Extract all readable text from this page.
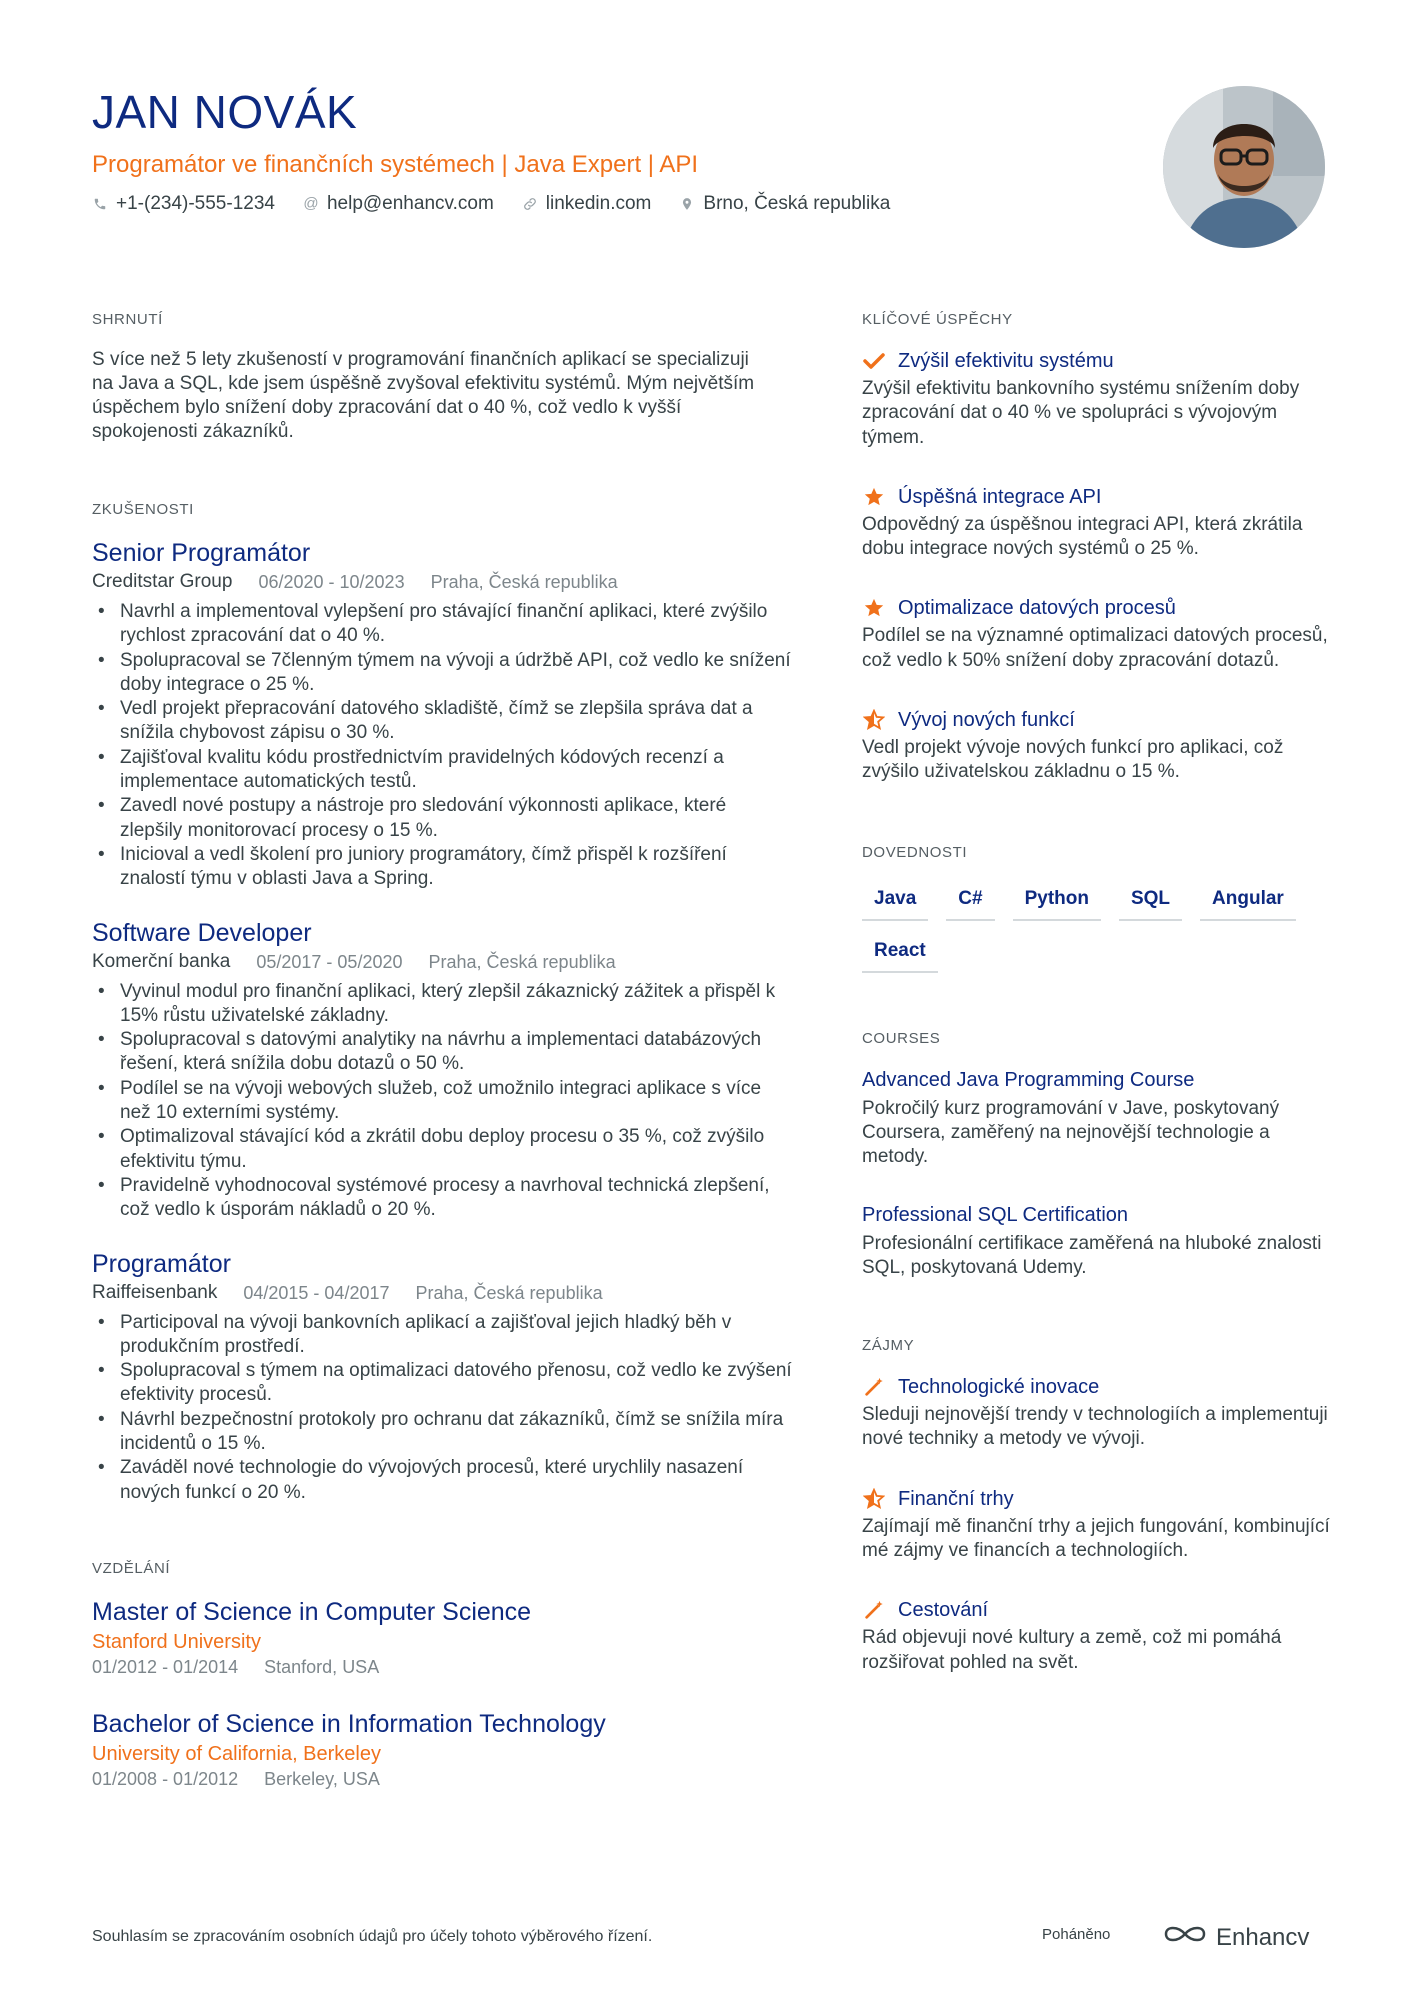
JAN NOVÁK
Programátor ve finančních systémech | Java Expert | API
+1-(234)-555-1234 @ help@enhancv.com	linkedin.com	Brno, Česká republika
SHRNUTÍ
S více než 5 lety zkušeností v programování finančních aplikací se specializuji na Java a SQL, kde jsem úspěšně zvyšoval efektivitu systémů. Mým největším úspěchem bylo snížení doby zpracování dat o 40 %, což vedlo k vyšší spokojenosti zákazníků.
ZKUŠENOSTI
Senior Programátor
Creditstar Group 06/2020 - 10/2023 Praha, Česká republika
• Navrhl a implementoval vylepšení pro stávající finanční aplikaci, které zvýšilo rychlost zpracování dat o 40 %.
• Spolupracoval se 7členným týmem na vývoji a údržbě API, což vedlo ke snížení doby integrace o 25 %.
• Vedl projekt přepracování datového skladiště, čímž se zlepšila správa dat a snížila chybovost zápisu o 30 %.
• Zajišťoval kvalitu kódu prostřednictvím pravidelných kódových recenzí a implementace automatických testů.
• Zavedl nové postupy a nástroje pro sledování výkonnosti aplikace, které zlepšily monitorovací procesy o 15 %.
• Inicioval a vedl školení pro juniory programátory, čímž přispěl k rozšíření znalostí týmu v oblasti Java a Spring.
Software Developer
Komerční banka 05/2017 - 05/2020 Praha, Česká republika
• Vyvinul modul pro finanční aplikaci, který zlepšil zákaznický zážitek a přispěl k 15% růstu uživatelské základny.
• Spolupracoval s datovými analytiky na návrhu a implementaci databázových řešení, která snížila dobu dotazů o 50 %.
• Podílel se na vývoji webových služeb, což umožnilo integraci aplikace s více než 10 externími systémy.
• Optimalizoval stávající kód a zkrátil dobu deploy procesu o 35 %, což zvýšilo efektivitu týmu.
• Pravidelně vyhodnocoval systémové procesy a navrhoval technická zlepšení, což vedlo k úsporám nákladů o 20 %.
Programátor
Raiffeisenbank 04/2015 - 04/2017 Praha, Česká republika
• Participoval na vývoji bankovních aplikací a zajišťoval jejich hladký běh v produkčním prostředí.
• Spolupracoval s týmem na optimalizaci datového přenosu, což vedlo ke zvýšení efektivity procesů.
• Návrhl bezpečnostní protokoly pro ochranu dat zákazníků, čímž se snížila míra incidentů o 15 %.
• Zaváděl nové technologie do vývojových procesů, které urychlily nasazení nových funkcí o 20 %.
VZDĚLÁNÍ
Master of Science in Computer Science
Stanford University
01/2012 - 01/2014 Stanford, USA
Bachelor of Science in Information Technology
University of California, Berkeley
01/2008 - 01/2012 Berkeley, USA
KLÍČOVÉ ÚSPĚCHY
Zvýšil efektivitu systému
Zvýšil efektivitu bankovního systému snížením doby zpracování dat o 40 % ve spolupráci s vývojovým týmem.
Úspěšná integrace API
Odpovědný za úspěšnou integraci API, která zkrátila dobu integrace nových systémů o 25 %.
Optimalizace datových procesů
Podílel se na významné optimalizaci datových procesů, což vedlo k 50% snížení doby zpracování dotazů.
Vývoj nových funkcí
Vedl projekt vývoje nových funkcí pro aplikaci, což zvýšilo uživatelskou základnu o 15 %.
DOVEDNOSTI
Java	C#	Python	SQL	Angular
React
COURSES
Advanced Java Programming Course
Pokročilý kurz programování v Jave, poskytovaný Coursera, zaměřený na nejnovější technologie a metody.
Professional SQL Certification
Profesionální certifikace zaměřená na hluboké znalosti SQL, poskytovaná Udemy.
ZÁJMY
Technologické inovace
Sleduji nejnovější trendy v technologiích a implementuji nové techniky a metody ve vývoji.
Finanční trhy
Zajímají mě finanční trhy a jejich fungování, kombinující mé zájmy ve financích a technologiích.
Cestování
Rád objevuji nové kultury a země, což mi pomáhá rozšiřovat pohled na svět.
Souhlasím se zpracováním osobních údajů pro účely tohoto výběrového řízení.	Poháněno	Enhancv
